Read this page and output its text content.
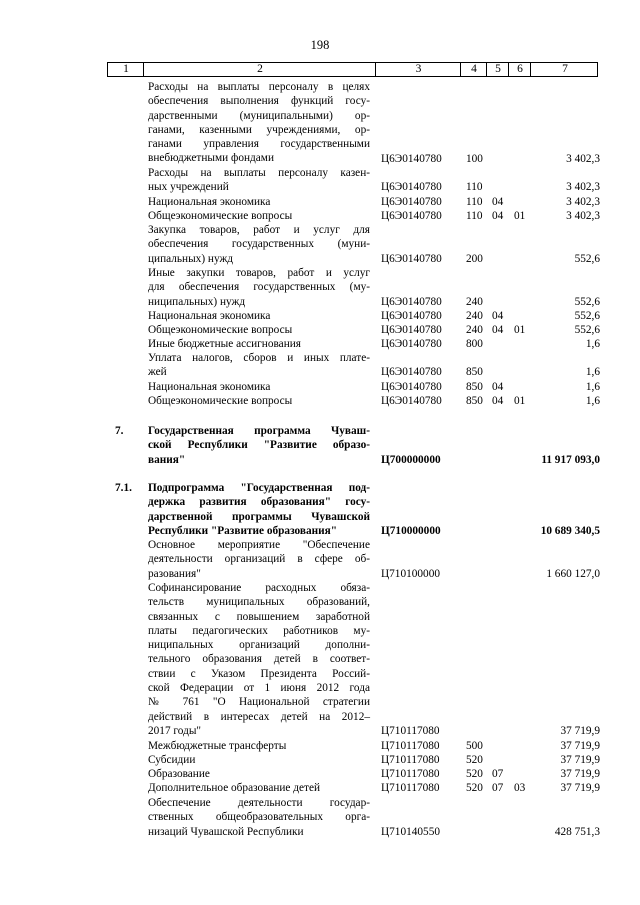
198
1	2	3	4	5	6	7
Расходы на выплаты персоналу в целях
обеспечения выполнения функций госу-
дарственными (муниципальными) ор-
ганами, казенными учреждениями, ор-
ганами управления государственными
внебюджетными фондами	Ц6Э0140780 100	3 402,3
Расходы на выплаты персоналу казен-
ных учреждений	Ц6Э0140780 110	3 402,3
Национальная экономика	Ц6Э0140780 110 04	3 402,3
Общеэкономические вопросы	Ц6Э0140780 110 04 01	3 402,3
Закупка товаров, работ и услуг для
обеспечения государственных (муни-
ципальных) нужд	Ц6Э0140780 200	552,6
Иные закупки товаров, работ и услуг
для обеспечения государственных (му-
ниципальных) нужд	Ц6Э0140780 240	552,6
Национальная экономика	Ц6Э0140780 240 04	552,6
Общеэкономические вопросы	Ц6Э0140780 240 04 01	552,6
Иные бюджетные ассигнования	Ц6Э0140780 800	1,6
Уплата налогов, сборов и иных плате-
жей	Ц6Э0140780 850	1,6
Национальная экономика	Ц6Э0140780 850 04	1,6
Общеэкономические вопросы	Ц6Э0140780 850 04 01	1,6
7. Государственная программа Чуваш-
ской Республики "Развитие образо-
вания"	Ц700000000	11 917 093,0
7.1. Подпрограмма "Государственная под-
держка развития образования" госу-
дарственной программы Чувашской
Республики "Развитие образования"	Ц710000000	10 689 340,5
Основное мероприятие "Обеспечение
деятельности организаций в сфере об-
разования"	Ц710100000	1 660 127,0
Софинансирование расходных обяза-
тельств муниципальных образований,
связанных с повышением заработной
платы педагогических работников му-
ниципальных организаций дополни-
тельного образования детей в соответ-
ствии с Указом Президента Россий-
ской Федерации от 1 июня 2012 года
№ 761 "О Национальной стратегии
действий в интересах детей на 2012–
2017 годы"	Ц710117080	37 719,9
Межбюджетные трансферты	Ц710117080 500	37 719,9
Субсидии	Ц710117080 520	37 719,9
Образование	Ц710117080 520 07	37 719,9
Дополнительное образование детей	Ц710117080 520 07 03	37 719,9
Обеспечение деятельности государ-
ственных общеобразовательных орга-
низаций Чувашской Республики	Ц710140550	428 751,3
